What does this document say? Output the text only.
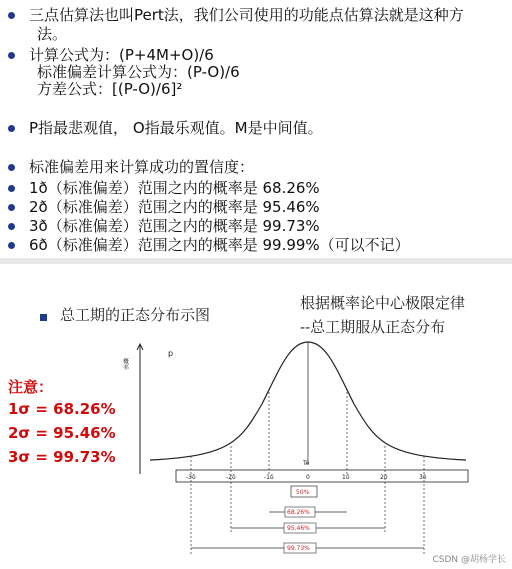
三点估算法也叫Pert法，我们公司使用的功能点估算法就是这种方
法。
计算公式为：(P+4M+O)/6
标准偏差计算公式为：(P-O)/6
方差公式：[(P-O)/6]²
P指最悲观值， O指最乐观值。M是中间值。
标准偏差用来计算成功的置信度：
1ð（标准偏差）范围之内的概率是 68.26%
2ð（标准偏差）范围之内的概率是 95.46%
3ð（标准偏差）范围之内的概率是 99.73%
6ð（标准偏差）范围之内的概率是 99.99%（可以不记）
总工期的正态分布示图
根据概率论中心极限定律
--总工期服从正态分布
注意：
1σ = 68.26%
2σ = 95.46%
3σ = 99.73%
概率
p
Te
-3δ	-2δ	-1δ	0	1δ	2δ	3δ
50%
68.26%
95.46%
99.73%
CSDN @胡杨学长
